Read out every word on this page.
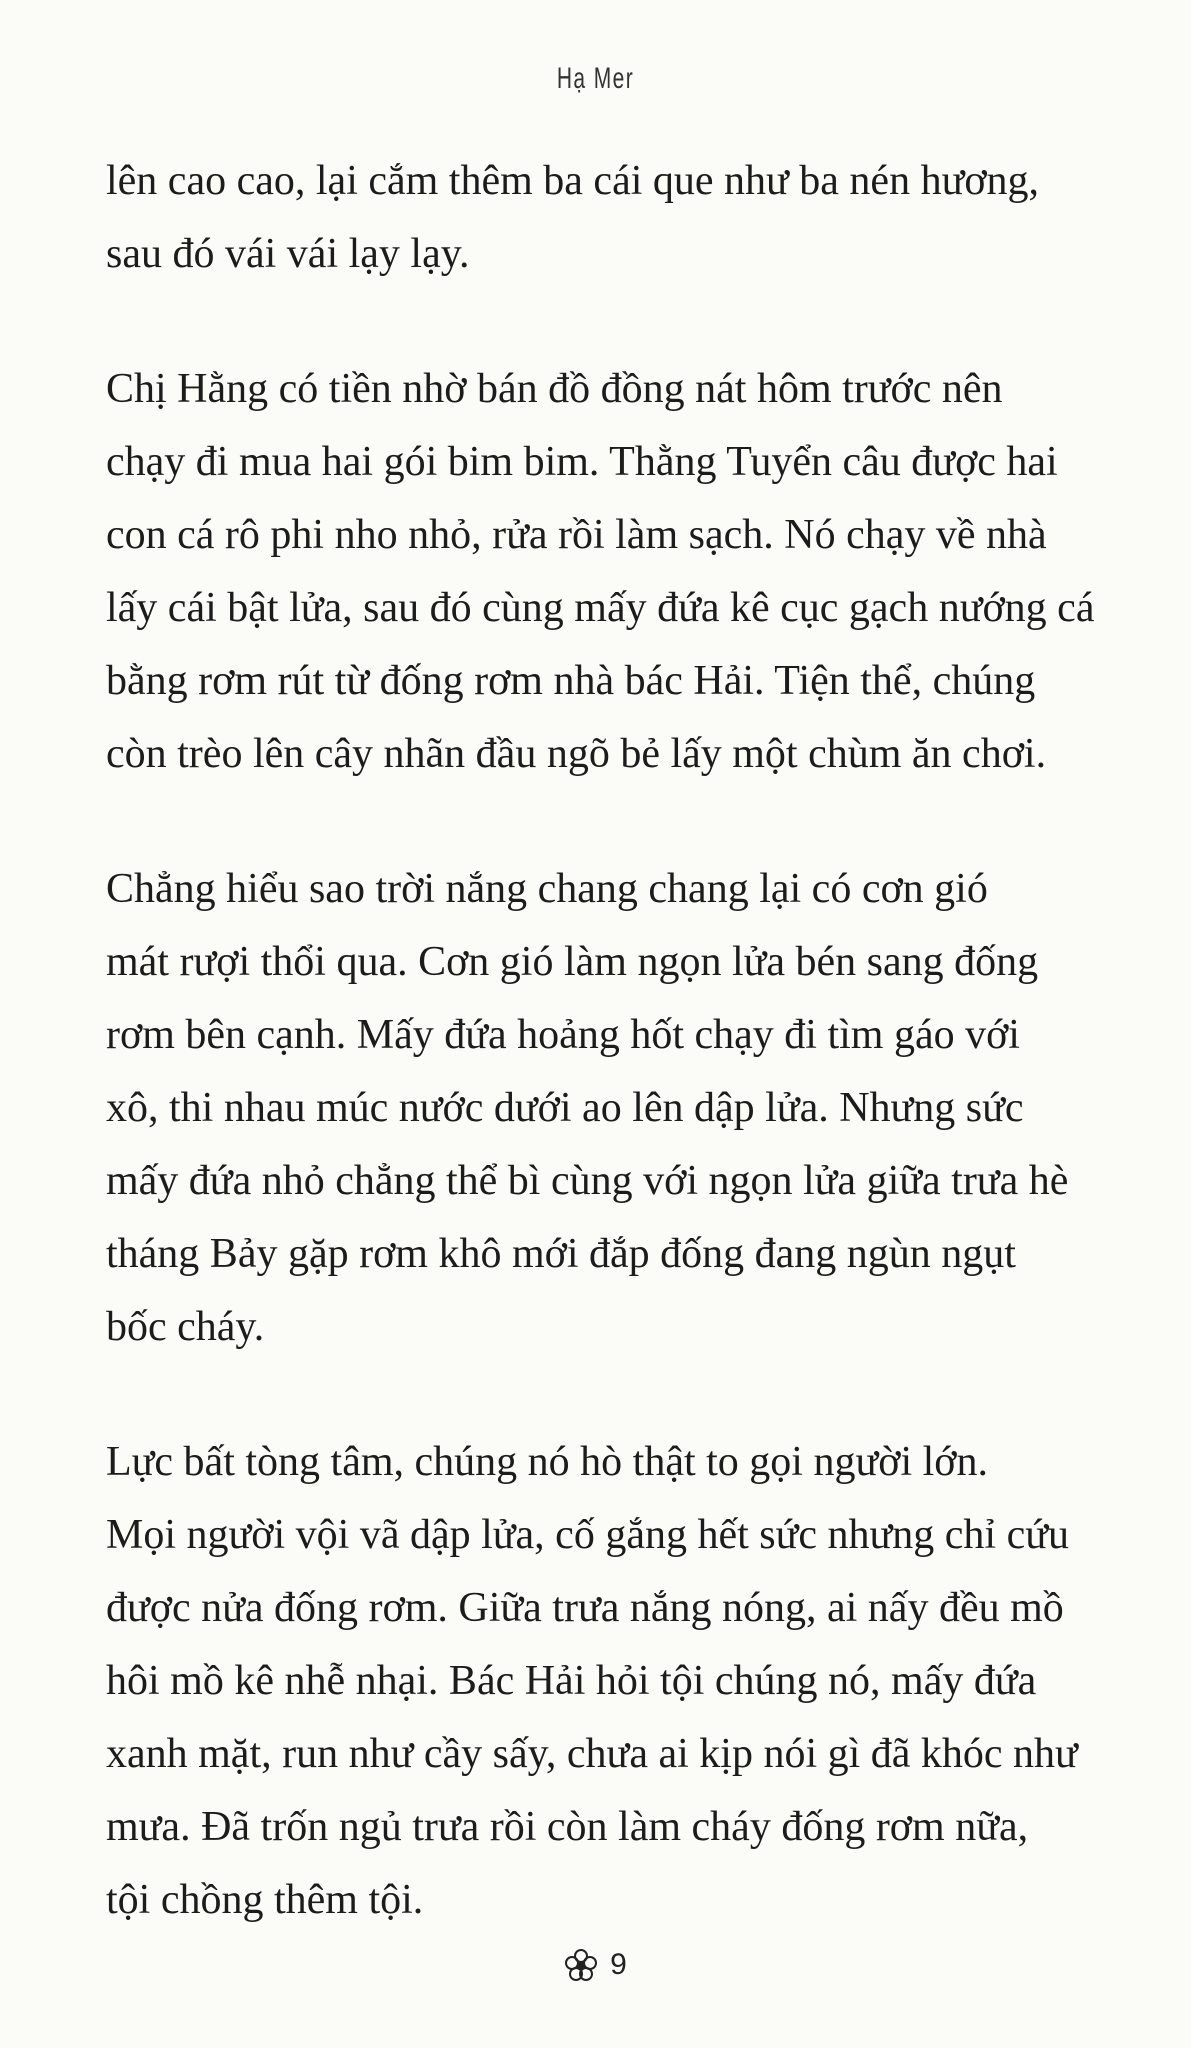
Hạ Mer
lên cao cao, lại cắm thêm ba cái que như ba nén hương,
sau đó vái vái lạy lạy.
Chị Hằng có tiền nhờ bán đồ đồng nát hôm trước nên
chạy đi mua hai gói bim bim. Thằng Tuyển câu được hai
con cá rô phi nho nhỏ, rửa rồi làm sạch. Nó chạy về nhà
lấy cái bật lửa, sau đó cùng mấy đứa kê cục gạch nướng cá
bằng rơm rút từ đống rơm nhà bác Hải. Tiện thể, chúng
còn trèo lên cây nhãn đầu ngõ bẻ lấy một chùm ăn chơi.
Chẳng hiểu sao trời nắng chang chang lại có cơn gió
mát rượi thổi qua. Cơn gió làm ngọn lửa bén sang đống
rơm bên cạnh. Mấy đứa hoảng hốt chạy đi tìm gáo với
xô, thi nhau múc nước dưới ao lên dập lửa. Nhưng sức
mấy đứa nhỏ chẳng thể bì cùng với ngọn lửa giữa trưa hè
tháng Bảy gặp rơm khô mới đắp đống đang ngùn ngụt
bốc cháy.
Lực bất tòng tâm, chúng nó hò thật to gọi người lớn.
Mọi người vội vã dập lửa, cố gắng hết sức nhưng chỉ cứu
được nửa đống rơm. Giữa trưa nắng nóng, ai nấy đều mồ
hôi mồ kê nhễ nhại. Bác Hải hỏi tội chúng nó, mấy đứa
xanh mặt, run như cầy sấy, chưa ai kịp nói gì đã khóc như
mưa. Đã trốn ngủ trưa rồi còn làm cháy đống rơm nữa,
tội chồng thêm tội.
9
